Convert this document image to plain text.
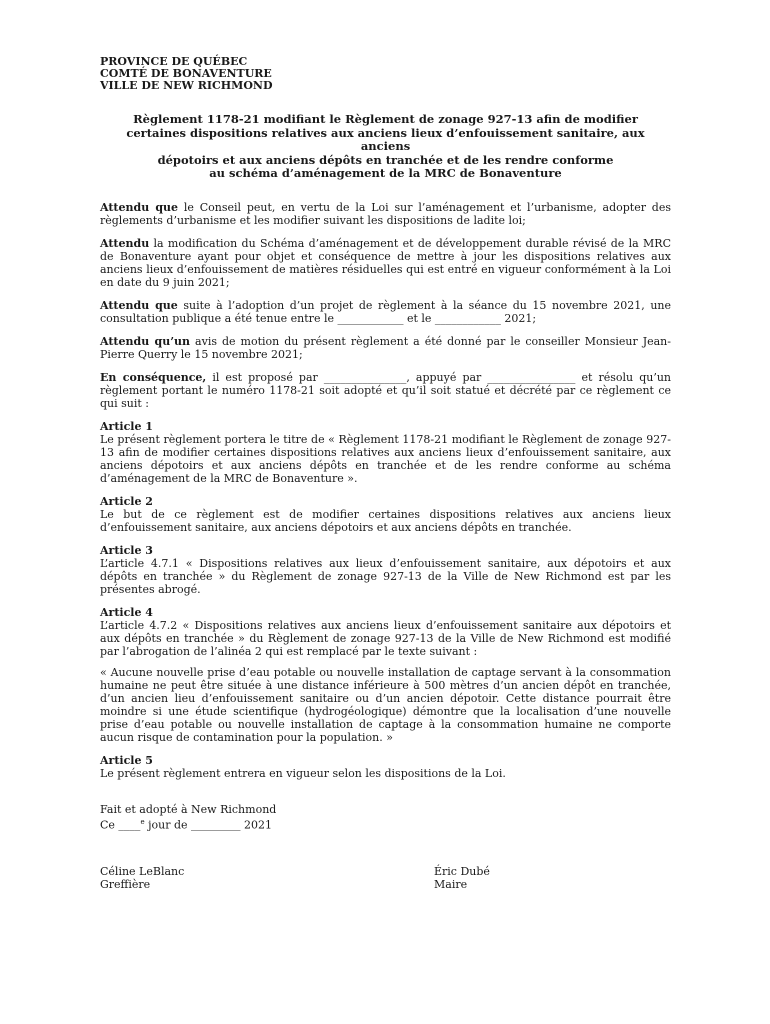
PROVINCE DE QUÉBEC
COMTÉ DE BONAVENTURE
VILLE DE NEW RICHMOND
Règlement 1178-21 modifiant le Règlement de zonage 927-13 afin de modifier
certaines dispositions relatives aux anciens lieux d’enfouissement sanitaire, aux anciens
dépotoirs et aux anciens dépôts en tranchée et de les rendre conforme
au schéma d’aménagement de la MRC de Bonaventure

Attendu que le Conseil peut, en vertu de la Loi sur l’aménagement et l’urbanisme, adopter des règlements d’urbanisme et les modifier suivant les dispositions de ladite loi;

Attendu la modification du Schéma d’aménagement et de développement durable révisé de la MRC de Bonaventure ayant pour objet et conséquence de mettre à jour les dispositions relatives aux anciens lieux d’enfouissement de matières résiduelles qui est entré en vigueur conformément à la Loi en date du 9 juin 2021;

Attendu que suite à l’adoption d’un projet de règlement à la séance du 15 novembre 2021, une consultation publique a été tenue entre le ____________ et le ____________ 2021;

Attendu qu’un avis de motion du présent règlement a été donné par le conseiller Monsieur Jean-Pierre Querry le 15 novembre 2021;

En conséquence, il est proposé par _______________, appuyé par ________________ et résolu qu’un règlement portant le numéro 1178-21 soit adopté et qu’il soit statué et décrété par ce règlement ce qui suit :

Article 1

Le présent règlement portera le titre de « Règlement 1178-21 modifiant le Règlement de zonage 927-13 afin de modifier certaines dispositions relatives aux anciens lieux d’enfouissement sanitaire, aux anciens dépotoirs et aux anciens dépôts en tranchée et de les rendre conforme au schéma d’aménagement de la MRC de Bonaventure ».

Article 2

Le but de ce règlement est de modifier certaines dispositions relatives aux anciens lieux d’enfouissement sanitaire, aux anciens dépotoirs et aux anciens dépôts en tranchée.

Article 3

L’article 4.7.1 « Dispositions relatives aux lieux d’enfouissement sanitaire, aux dépotoirs et aux dépôts en tranchée » du Règlement de zonage 927-13 de la Ville de New Richmond est par les présentes abrogé.

Article 4

L’article 4.7.2 « Dispositions relatives aux anciens lieux d’enfouissement sanitaire aux dépotoirs et aux dépôts en tranchée » du Règlement de zonage 927-13 de la Ville de New Richmond est modifié par l’abrogation de l’alinéa 2 qui est remplacé par le texte suivant :

« Aucune nouvelle prise d’eau potable ou nouvelle installation de captage servant à la consommation humaine ne peut être située à une distance inférieure à 500 mètres d’un ancien dépôt en tranchée, d’un ancien lieu d’enfouissement sanitaire ou d’un ancien dépotoir. Cette distance pourrait être moindre si une étude scientifique (hydrogéologique) démontre que la localisation d’une nouvelle prise d’eau potable ou nouvelle installation de captage à la consommation humaine ne comporte aucun risque de contamination pour la population. »

Article 5

Le présent règlement entrera en vigueur selon les dispositions de la Loi.

Fait et adopté à New Richmond

Ce ____$^e$ jour de _________ 2021

Céline LeBlanc
Greffière
Éric Dubé
Maire
